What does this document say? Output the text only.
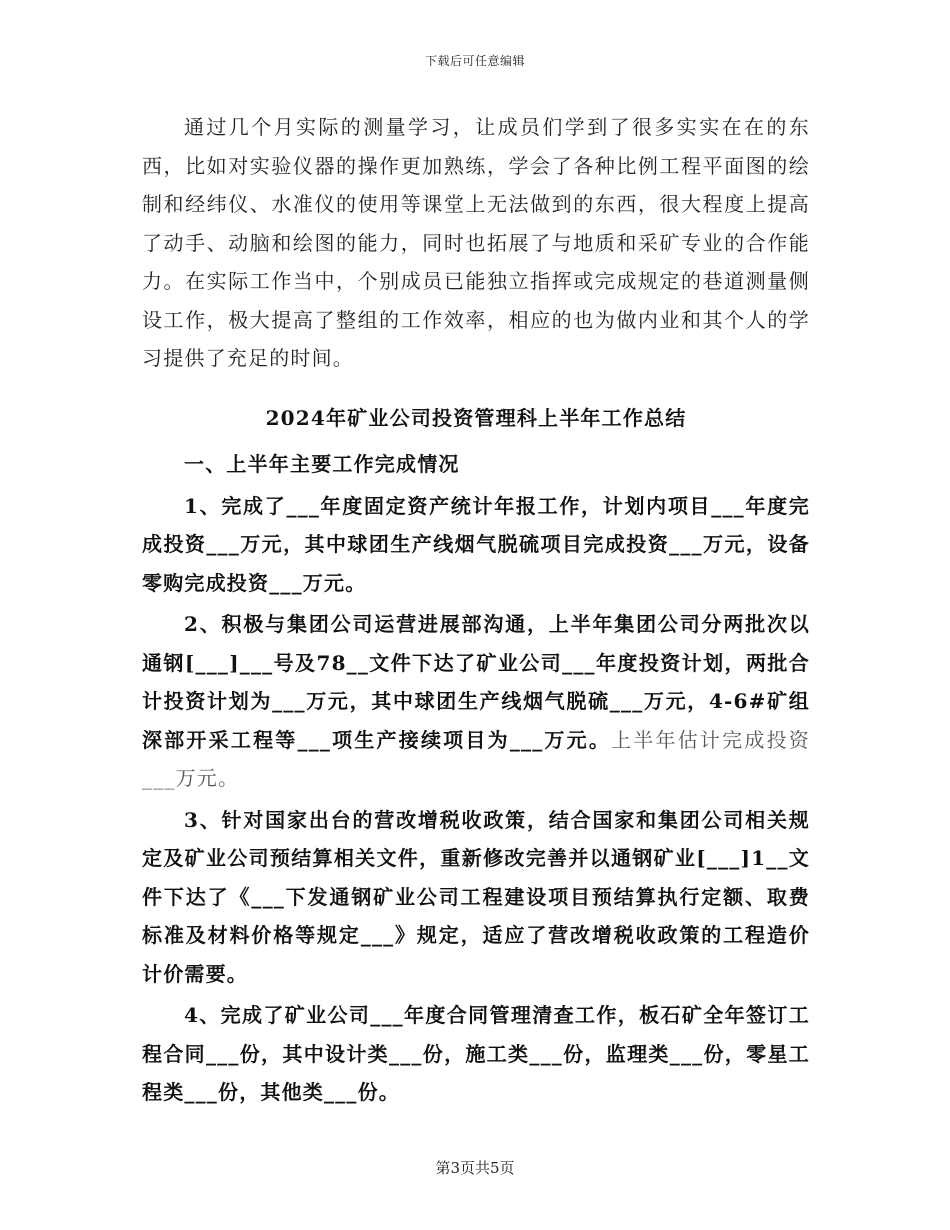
下载后可任意编辑

通过几个月实际的测量学习，让成员们学到了很多实实在在的东西，比如对实验仪器的操作更加熟练，学会了各种比例工程平面图的绘制和经纬仪、水准仪的使用等课堂上无法做到的东西，很大程度上提高了动手、动脑和绘图的能力，同时也拓展了与地质和采矿专业的合作能力。在实际工作当中，个别成员已能独立指挥或完成规定的巷道测量侧设工作，极大提高了整组的工作效率，相应的也为做内业和其个人的学习提供了充足的时间。

2024年矿业公司投资管理科上半年工作总结
一、上半年主要工作完成情况

1、完成了___年度固定资产统计年报工作，计划内项目___年度完成投资___万元，其中球团生产线烟气脱硫项目完成投资___万元，设备零购完成投资___万元。

2、积极与集团公司运营进展部沟通，上半年集团公司分两批次以通钢[___]___号及78__文件下达了矿业公司___年度投资计划，两批合计投资计划为___万元，其中球团生产线烟气脱硫___万元，4-6#矿组深部开采工程等___项生产接续项目为___万元。上半年估计完成投资___万元。

3、针对国家出台的营改增税收政策，结合国家和集团公司相关规定及矿业公司预结算相关文件，重新修改完善并以通钢矿业[___]1__文件下达了《___下发通钢矿业公司工程建设项目预结算执行定额、取费标准及材料价格等规定___》规定，适应了营改增税收政策的工程造价计价需要。

4、完成了矿业公司___年度合同管理清查工作，板石矿全年签订工程合同___份，其中设计类___份，施工类___份，监理类___份，零星工程类___份，其他类___份。

第3页共5页
